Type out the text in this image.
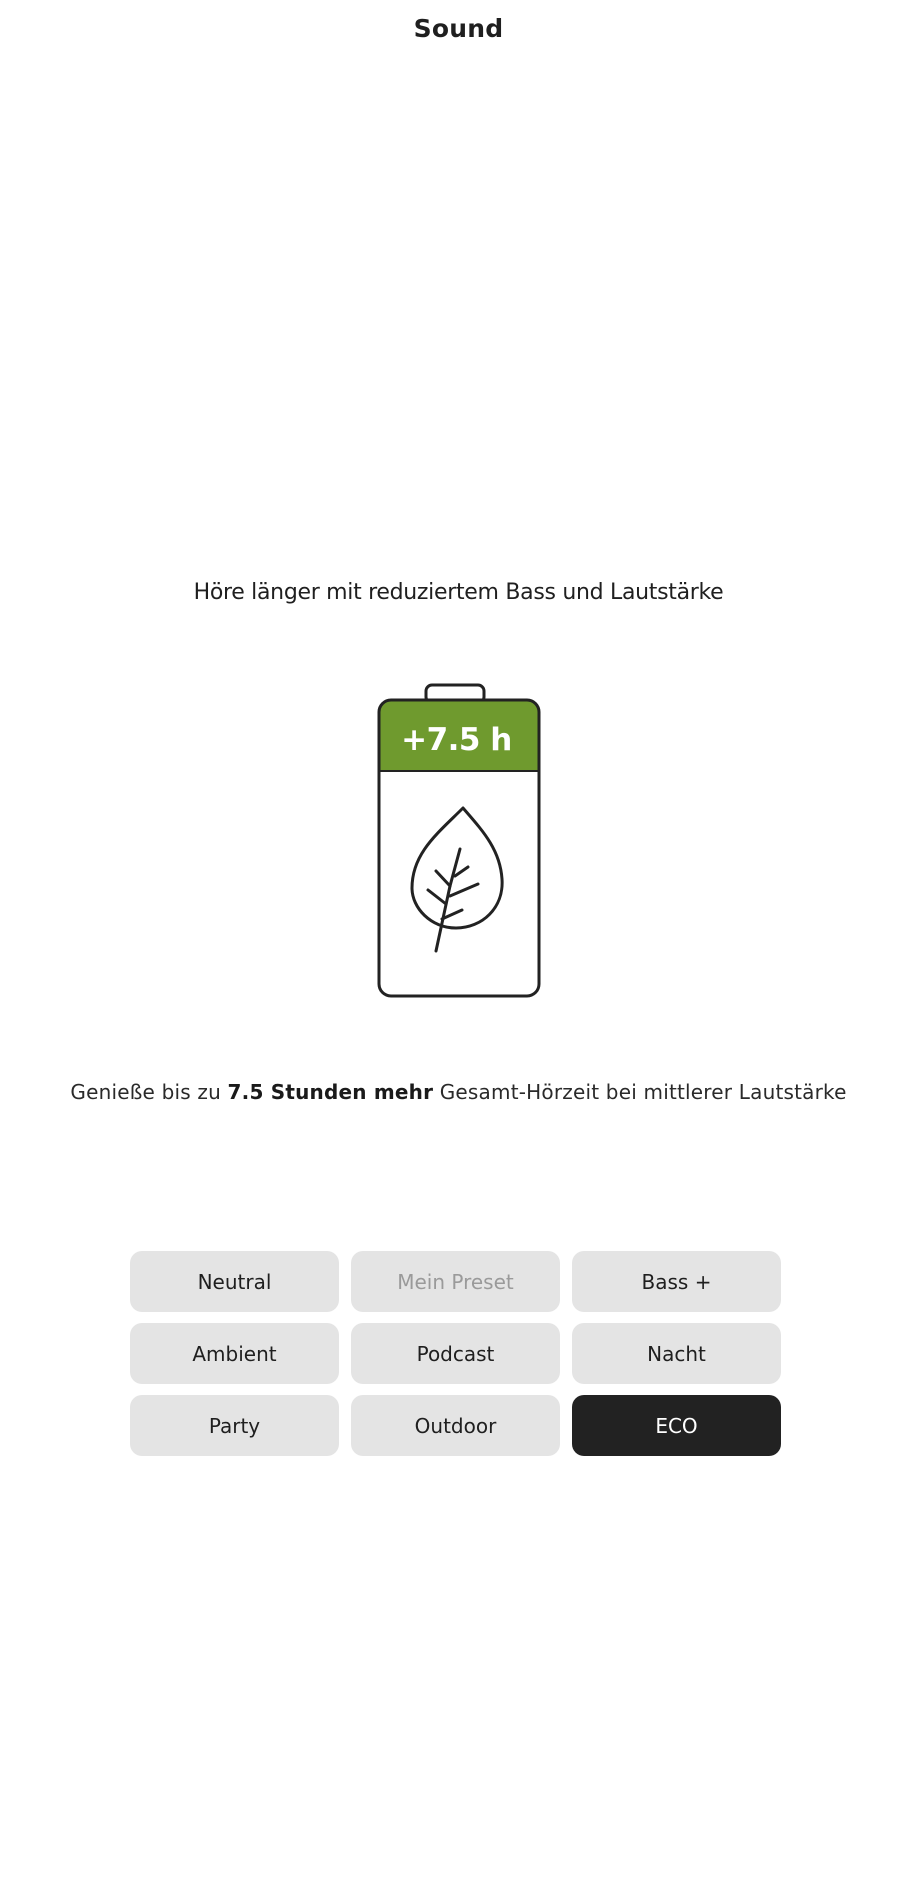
Sound
Höre länger mit reduziertem Bass und Lautstärke
+7.5 h
Genieße bis zu 7.5 Stunden mehr Gesamt-Hörzeit bei mittlerer Lautstärke
Neutral	Mein Preset	Bass +
Ambient	Podcast	Nacht
Party	Outdoor	ECO
